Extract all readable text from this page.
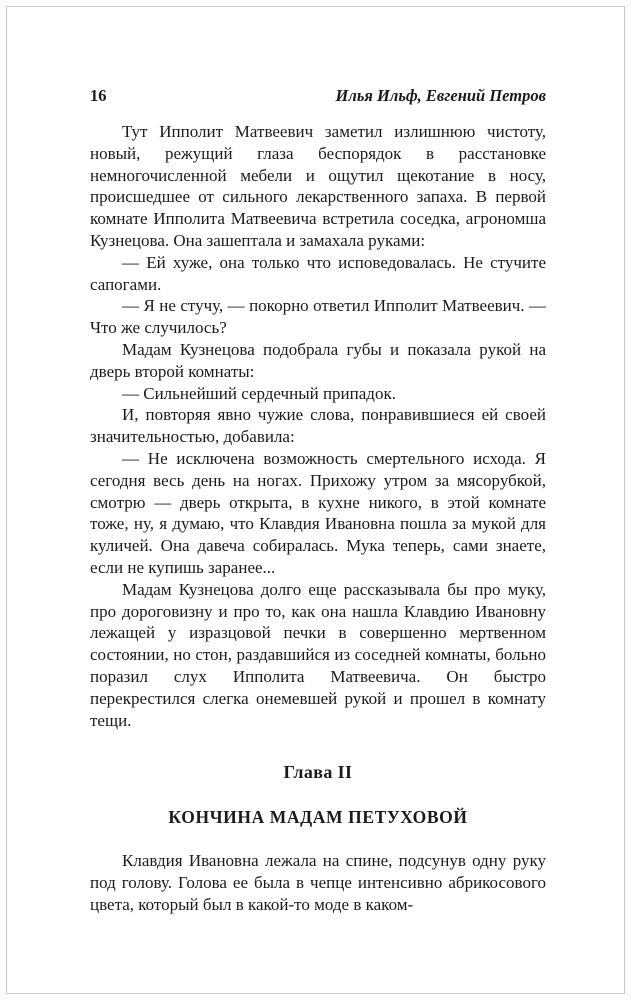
16	Илья Ильф, Евгений Петров

Тут Ипполит Матвеевич заметил излишнюю чистоту, новый, режущий глаза беспорядок в расстановке немногочисленной мебели и ощутил щекотание в носу, происшедшее от сильного лекарственного запаха. В первой комнате Ипполита Матвеевича встретила соседка, агрономша Кузнецова. Она зашептала и замахала руками:

— Ей хуже, она только что исповедовалась. Не стучите сапогами.

— Я не стучу, — покорно ответил Ипполит Матвеевич. — Что же случилось?

Мадам Кузнецова подобрала губы и показала рукой на дверь второй комнаты:

— Сильнейший сердечный припадок.

И, повторяя явно чужие слова, понравившиеся ей своей значительностью, добавила:

— Не исключена возможность смертельного исхода. Я сегодня весь день на ногах. Прихожу утром за мясорубкой, смотрю — дверь открыта, в кухне никого, в этой комнате тоже, ну, я думаю, что Клавдия Ивановна пошла за мукой для куличей. Она давеча собиралась. Мука теперь, сами знаете, если не купишь заранее...

Мадам Кузнецова долго еще рассказывала бы про муку, про дороговизну и про то, как она нашла Клавдию Ивановну лежащей у изразцовой печки в совершенно мертвенном состоянии, но стон, раздавшийся из соседней комнаты, больно поразил слух Ипполита Матвеевича. Он быстро перекрестился слегка онемевшей рукой и прошел в комнату тещи.

Глава II
КОНЧИНА МАДАМ ПЕТУХОВОЙ

Клавдия Ивановна лежала на спине, подсунув одну руку под голову. Голова ее была в чепце интенсивно абрикосового цвета, который был в какой-то моде в каком-
